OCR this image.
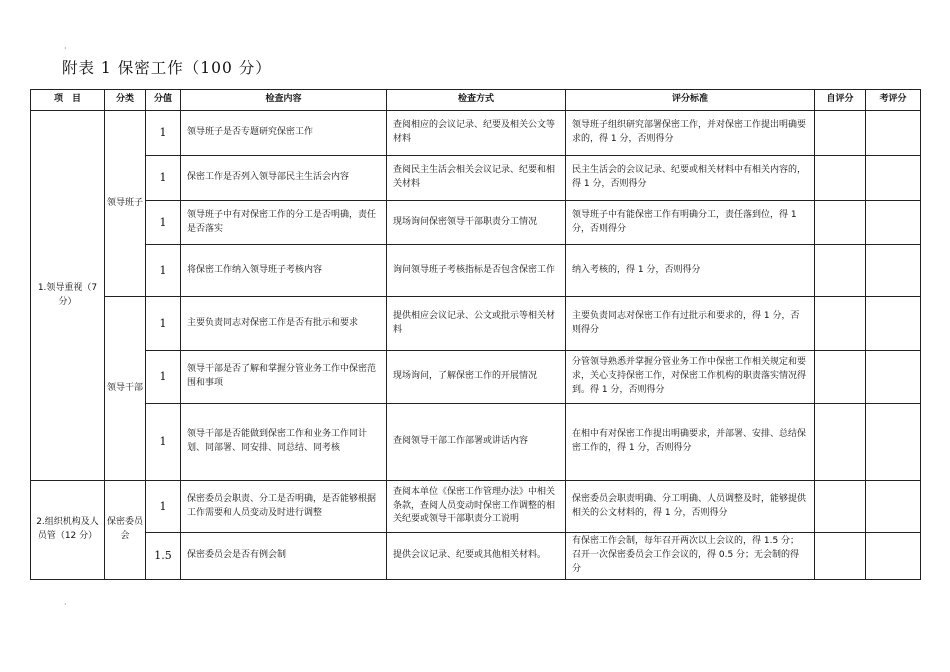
·
附表 1 保密工作（100 分）
项　目	分类	分值	检查内容	检查方式	评分标准	自评分	考评分
1.领导重视（7 分）	领导班子	1	领导班子是否专题研究保密工作	查阅相应的会议记录、纪要及相关公文等材料	领导班子组织研究部署保密工作，并对保密工作提出明确要求的，得 1 分，否则得分		
		1	保密工作是否列入领导部民主生活会内容	查阅民主生活会相关会议记录、纪要和相关材料	民主生活会的会议记录、纪要或相关材料中有相关内容的，得 1 分，否则得分		
		1	领导班子中有对保密工作的分工是否明确，责任是否落实	现场询问保密领导干部职责分工情况	领导班子中有能保密工作有明确分工，责任落到位，得 1 分，否则得分		
		1	将保密工作纳入领导班子考核内容	询问领导班子考核指标是否包含保密工作	纳入考核的，得 1 分，否则得分		
	领导干部	1	主要负责同志对保密工作是否有批示和要求	提供相应会议记录、公文或批示等相关材料	主要负责同志对保密工作有过批示和要求的，得 1 分，否则得分		
		1	领导干部是否了解和掌握分管业务工作中保密范围和事项	现场询问，了解保密工作的开展情况	分管领导熟悉并掌握分管业务工作中保密工作相关规定和要求，关心支持保密工作，对保密工作机构的职责落实情况得到。得 1 分，否则得分		
		1	领导干部是否能做到保密工作和业务工作同计划、同部署、同安排、同总结、同考核	查阅领导干部工作部署或讲话内容	在相中有对保密工作提出明确要求，并部署、安排、总结保密工作的，得 1 分，否则得分		
2.组织机构及人员管（12 分）	保密委员会	1	保密委员会职责、分工是否明确，是否能够根据工作需要和人员变动及时进行调整	查阅本单位《保密工作管理办法》中相关条款，查阅人员变动时保密工作调整的相关纪要或领导干部职责分工说明	保密委员会职责明确、分工明确、人员调整及时，能够提供相关的公文材料的，得 1 分，否则得分		
		1.5	保密委员会是否有例会制	提供会议记录、纪要或其他相关材料。	有保密工作会制，每年召开两次以上会议的，得 1.5 分；召开一次保密委员会工作会议的，得 0.5 分；无会制的得分		
·
